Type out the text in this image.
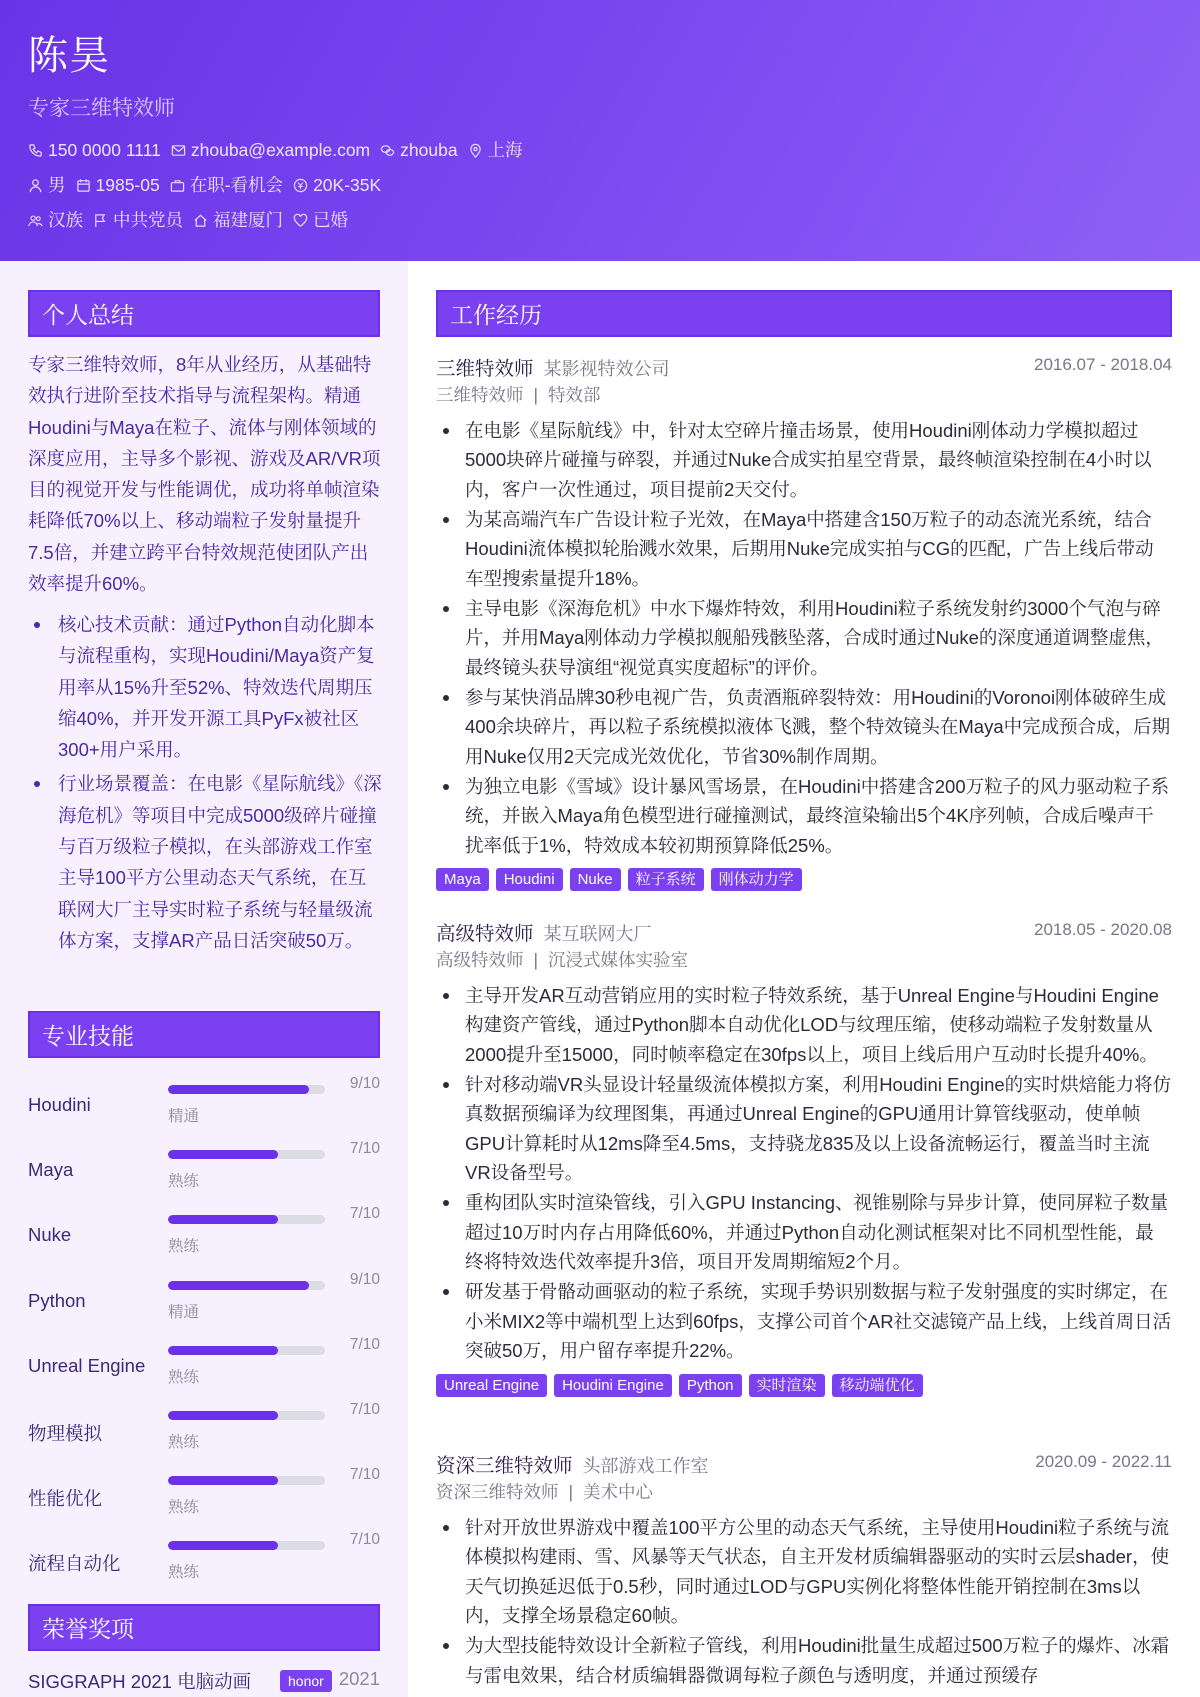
陈昊
专家三维特效师
150 0000 1111 zhouba@example.com zhouba 上海
男 1985-05 在职-看机会 20K-35K
汉族 中共党员 福建厦门 已婚
个人总结
专家三维特效师，8年从业经历，从基础特效执行进阶至技术指导与流程架构。精通Houdini与Maya在粒子、流体与刚体领域的深度应用，主导多个影视、游戏及AR/VR项目的视觉开发与性能调优，成功将单帧渲染耗降低70%以上、移动端粒子发射量提升7.5倍，并建立跨平台特效规范使团队产出效率提升60%。
核心技术贡献：通过Python自动化脚本与流程重构，实现Houdini/Maya资产复用率从15%升至52%、特效迭代周期压缩40%，并开发开源工具PyFx被社区300+用户采用。
行业场景覆盖：在电影《星际航线》《深海危机》等项目中完成5000级碎片碰撞与百万级粒子模拟，在头部游戏工作室主导100平方公里动态天气系统，在互联网大厂主导实时粒子系统与轻量级流体方案，支撑AR产品日活突破50万。
专业技能
Houdini
9/10
精通
Maya
7/10
熟练
Nuke
7/10
熟练
Python
9/10
精通
Unreal Engine
7/10
熟练
物理模拟
7/10
熟练
性能优化
7/10
熟练
流程自动化
7/10
熟练
荣誉奖项
SIGGRAPH 2021 电脑动画	honor 2021
工作经历
三维特效师 某影视特效公司	2016.07 - 2018.04
三维特效师 | 特效部
在电影《星际航线》中，针对太空碎片撞击场景，使用Houdini刚体动力学模拟超过5000块碎片碰撞与碎裂，并通过Nuke合成实拍星空背景，最终帧渲染控制在4小时以内，客户一次性通过，项目提前2天交付。
为某高端汽车广告设计粒子光效，在Maya中搭建含150万粒子的动态流光系统，结合Houdini流体模拟轮胎溅水效果，后期用Nuke完成实拍与CG的匹配，广告上线后带动车型搜索量提升18%。
主导电影《深海危机》中水下爆炸特效，利用Houdini粒子系统发射约3000个气泡与碎片，并用Maya刚体动力学模拟舰船残骸坠落，合成时通过Nuke的深度通道调整虚焦，最终镜头获导演组“视觉真实度超标”的评价。
参与某快消品牌30秒电视广告，负责酒瓶碎裂特效：用Houdini的Voronoi刚体破碎生成400余块碎片，再以粒子系统模拟液体飞溅，整个特效镜头在Maya中完成预合成，后期用Nuke仅用2天完成光效优化，节省30%制作周期。
为独立电影《雪域》设计暴风雪场景，在Houdini中搭建含200万粒子的风力驱动粒子系统，并嵌入Maya角色模型进行碰撞测试，最终渲染输出5个4K序列帧，合成后噪声干扰率低于1%，特效成本较初期预算降低25%。
Maya	Houdini	Nuke	粒子系统	刚体动力学
高级特效师 某互联网大厂	2018.05 - 2020.08
高级特效师 | 沉浸式媒体实验室
主导开发AR互动营销应用的实时粒子特效系统，基于Unreal Engine与Houdini Engine构建资产管线，通过Python脚本自动优化LOD与纹理压缩，使移动端粒子发射数量从2000提升至15000，同时帧率稳定在30fps以上，项目上线后用户互动时长提升40%。
针对移动端VR头显设计轻量级流体模拟方案，利用Houdini Engine的实时烘焙能力将仿真数据预编译为纹理图集，再通过Unreal Engine的GPU通用计算管线驱动，使单帧GPU计算耗时从12ms降至4.5ms，支持骁龙835及以上设备流畅运行，覆盖当时主流VR设备型号。
重构团队实时渲染管线，引入GPU Instancing、视锥剔除与异步计算，使同屏粒子数量超过10万时内存占用降低60%，并通过Python自动化测试框架对比不同机型性能，最终将特效迭代效率提升3倍，项目开发周期缩短2个月。
研发基于骨骼动画驱动的粒子系统，实现手势识别数据与粒子发射强度的实时绑定，在小米MIX2等中端机型上达到60fps，支撑公司首个AR社交滤镜产品上线，上线首周日活突破50万，用户留存率提升22%。
Unreal Engine	Houdini Engine	Python	实时渲染	移动端优化
资深三维特效师 头部游戏工作室	2020.09 - 2022.11
资深三维特效师 | 美术中心
针对开放世界游戏中覆盖100平方公里的动态天气系统，主导使用Houdini粒子系统与流体模拟构建雨、雪、风暴等天气状态，自主开发材质编辑器驱动的实时云层shader，使天气切换延迟低于0.5秒，同时通过LOD与GPU实例化将整体性能开销控制在3ms以内，支撑全场景稳定60帧。
为大型技能特效设计全新粒子管线，利用Houdini批量生成超过500万粒子的爆炸、冰霜与雷电效果，结合材质编辑器微调每粒子颜色与透明度，并通过预缓存
